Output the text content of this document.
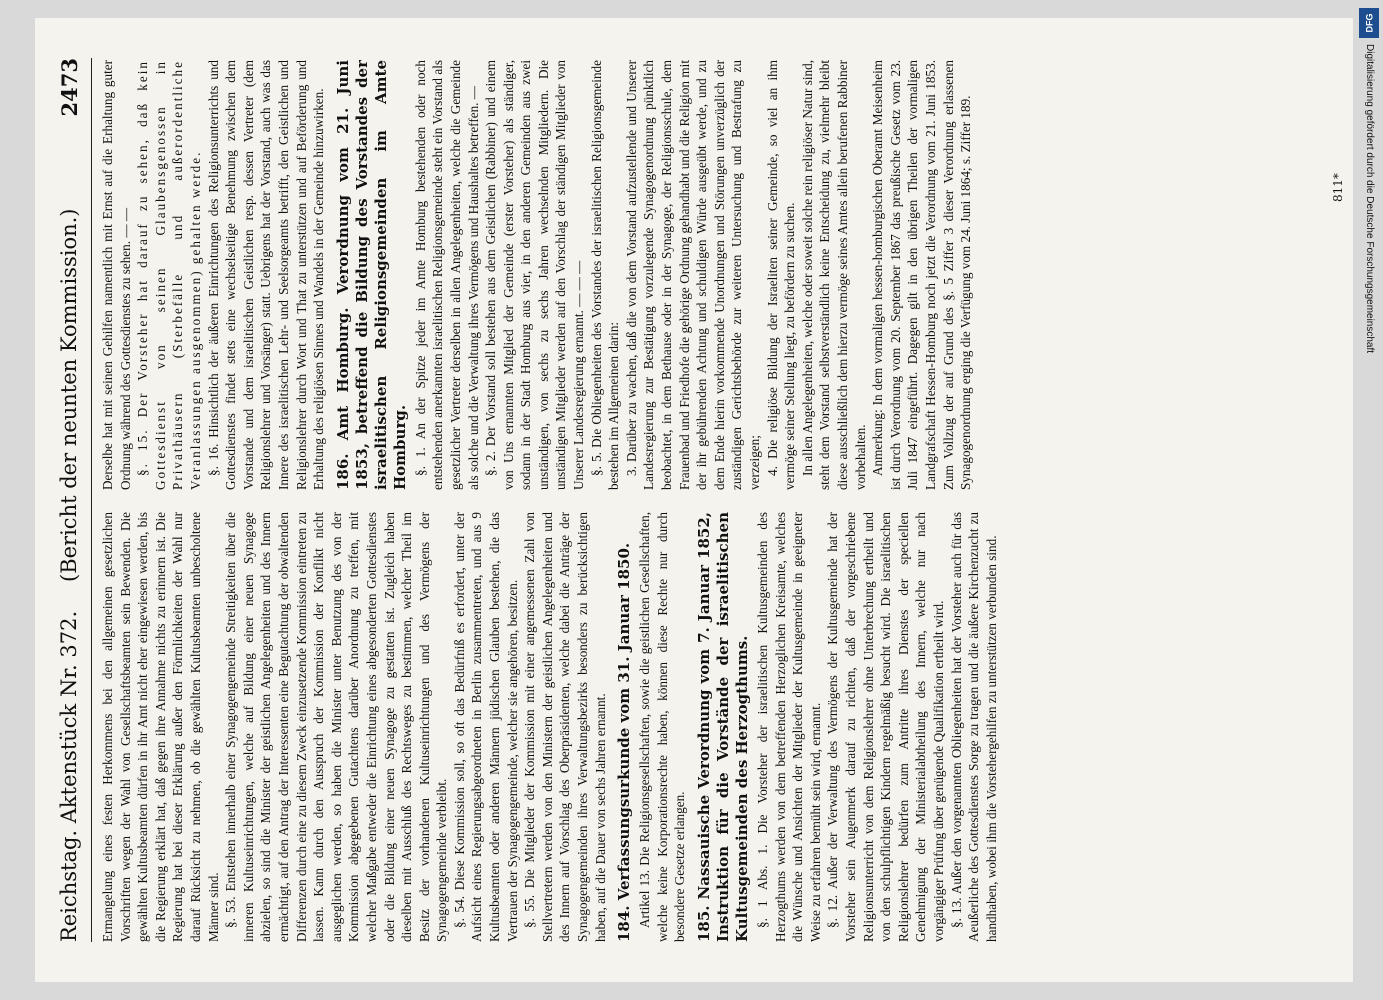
Reichstag. Aktenstück Nr. 372.
(Bericht der neunten Kommission.)
2473

Ermangelung eines festen Herkommens bei den allgemeinen gesetzlichen Vorschriften wegen der Wahl von Gesellschaftsbeamten sein Bewenden. Die gewählten Kultusbeamten dürfen in ihr Amt nicht eher eingewiesen werden, bis die Regierung erklärt hat, daß gegen ihre Annahme nichts zu erinnern ist. Die Regierung hat bei dieser Erklärung außer den Förmlichkeiten der Wahl nur darauf Rücksicht zu nehmen, ob die gewählten Kultusbeamten unbescholtene Männer sind. §. 53. Entstehen innerhalb einer Synagogengemeinde Streitigkeiten über die inneren Kultuseinrichtungen, welche auf Bildung einer neuen Synagoge abzielen, so sind die Minister der geistlichen Angelegenheiten und des Innern ermächtigt, auf den Antrag der Interessenten eine Begutachtung der obwaltenden Differenzen durch eine zu diesem Zweck einzusetzende Kommission eintreten zu lassen. Kann durch den Ausspruch der Kommission der Konflikt nicht ausgeglichen werden, so haben die Minister unter Benutzung des von der Kommission abgegebenen Gutachtens darüber Anordnung zu treffen, mit welcher Maßgabe entweder die Einrichtung eines abgesonderten Gottesdienstes oder die Bildung einer neuen Synagoge zu gestatten ist. Zugleich haben dieselben mit Ausschluß des Rechtsweges zu bestimmen, welcher Theil im Besitz der vorhandenen Kultuseinrichtungen und des Vermögens der Synagogengemeinde verbleibt. §. 54. Diese Kommission soll, so oft das Bedürfniß es erfordert, unter der Aufsicht eines Regierungsabgeordneten in Berlin zusammentreten, und aus 9 Kultusbeamten oder anderen Männern jüdischen Glauben bestehen, die das Vertrauen der Synagogengemeinde, welcher sie angehören, besitzen. §. 55. Die Mitglieder der Kommission mit einer angemessenen Zahl von Stellvertretern werden von den Ministern der geistlichen Angelegenheiten und des Innern auf Vorschlag des Oberpräsidenten, welche dabei die Anträge der Synagogengemeinden ihres Verwaltungsbezirks besonders zu berücksichtigen haben, auf die Dauer von sechs Jahren ernannt. 184. Verfassungsurkunde vom 31. Januar 1850. Artikel 13. Die Religionsgesellschaften, sowie die geistlichen Gesellschaften, welche keine Korporationsrechte haben, können diese Rechte nur durch besondere Gesetze erlangen. 185. Nassauische Verordnung vom 7. Januar 1852, Instruktion für die Vorstände der israelitischen Kultusgemeinden des Herzogthums. §. 1 Abs. 1. Die Vorsteher der israelitischen Kultusgemeinden des Herzogthums werden von dem betreffenden Herzoglichen Kreisamte, welches die Wünsche und Ansichten der Mitglieder der Kultusgemeinde in geeigneter Weise zu erfahren bemüht sein wird, ernannt. §. 12. Außer der Verwaltung des Vermögens der Kultusgemeinde hat der Vorsteher sein Augenmerk darauf zu richten, daß der vorgeschriebene Religionsunterricht von dem Religionslehrer ohne Unterbrechung ertheilt und von den schulpflichtigen Kindern regelmäßig besucht wird. Die israelitischen Religionslehrer bedürfen zum Antritte ihres Dienstes der speciellen Genehmigung der Ministerialabtheilung des Innern, welche nur nach vorgängiger Prüfung über genügende Qualifikation ertheilt wird. §. 13. Außer den vorgenannten Obliegenheiten hat der Vorsteher auch für das Aeußerliche des Gottesdienstes Sorge zu tragen und die äußere Kirchenzucht zu handhaben, wobei ihm die Vorstehergehilfen zu unterstützen verbunden sind.

Derselbe hat mit seinen Gehilfen namentlich mit Ernst auf die Erhaltung guter Ordnung während des Gottesdienstes zu sehen. — — §. 15. Der Vorsteher hat darauf zu sehen, daß kein Gottesdienst von seinen Glaubensgenossen in Privathäusern (Sterbefälle und außerordentliche Veranlassungen ausgenommen) gehalten werde. §. 16. Hinsichtlich der äußeren Einrichtungen des Religionsunterrichts und Gottesdienstes findet stets eine wechselseitige Benehmung zwischen dem Vorstande und dem israelitischen Geistlichen resp. dessen Vertreter (dem Religionslehrer und Vorsänger) statt. Uebrigens hat der Vorstand, auch was das Innere des israelitischen Lehr- und Seelsorgeamts betrifft, den Geistlichen und Religionslehrer durch Wort und That zu unterstützen und auf Beförderung und Erhaltung des religiösen Sinnes und Wandels in der Gemeinde hinzuwirken. 186. Amt Homburg. Verordnung vom 21. Juni 1853, betreffend die Bildung des Vorstandes der israelitischen Religionsgemeinden im Amte Homburg. §. 1. An der Spitze jeder im Amte Homburg bestehenden oder noch entstehenden anerkannten israelitischen Religionsgemeinde steht ein Vorstand als gesetzlicher Vertreter derselben in allen Angelegenheiten, welche die Gemeinde als solche und die Verwaltung ihres Vermögens und Haushaltes betreffen. — §. 2. Der Vorstand soll bestehen aus dem Geistlichen (Rabbiner) und einem von Uns ernannten Mitglied der Gemeinde (erster Vorsteher) als ständiger, sodann in der Stadt Homburg aus vier, in den anderen Gemeinden aus zwei unständigen, von sechs zu sechs Jahren wechselnden Mitgliedern. Die unständigen Mitglieder werden auf den Vorschlag der ständigen Mitglieder von Unserer Landesregierung ernannt. — — — §. 5. Die Obliegenheiten des Vorstandes der israelitischen Religionsgemeinde bestehen im Allgemeinen darin: 3. Darüber zu wachen, daß die von dem Vorstand aufzustellende und Unserer Landesregierung zur Bestätigung vorzulegende Synagogenordnung pünktlich beobachtet, in dem Bethause oder in der Synagoge, der Religionsschule, dem Frauenbad und Friedhofe die gehörige Ordnung gehandhabt und die Religion mit der ihr gebührenden Achtung und schuldigen Würde ausgeübt werde, und zu dem Ende hierin vorkommende Unordnungen und Störungen unverzüglich der zuständigen Gerichtsbehörde zur weiteren Untersuchung und Bestrafung zu verzeigen; 4. Die religiöse Bildung der Israeliten seiner Gemeinde, so viel an ihm vermöge seiner Stellung liegt, zu befördern zu suchen. In allen Angelegenheiten, welche oder soweit solche rein religiöser Natur sind, steht dem Vorstand selbstverständlich keine Entscheidung zu, vielmehr bleibt diese ausschließlich dem hierzu vermöge seines Amtes allein berufenen Rabbiner vorbehalten. Anmerkung: In dem vormaligen hessen-homburgischen Oberamt Meisenheim ist durch Verordnung vom 20. September 1867 das preußische Gesetz vom 23. Juli 1847 eingeführt. Dagegen gilt in den übrigen Theilen der vormaligen Landgrafschaft Hessen-Homburg noch jetzt die Verordnung vom 21. Juni 1853. Zum Vollzug der auf Grund des §. 5 Ziffer 3 dieser Verordnung erlassenen Synagogenordnung erging die Verfügung vom 24. Juni 1864; s. Ziffer 189.	811*
DFG
Digitalisierung gefördert durch die Deutsche Forschungsgemeinschaft
